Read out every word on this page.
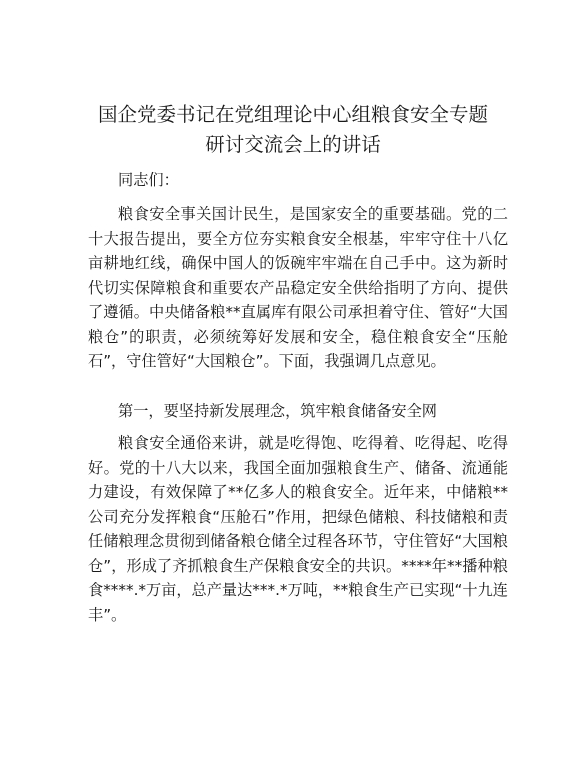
国企党委书记在党组理论中心组粮食安全专题
研讨交流会上的讲话

同志们：

粮食安全事关国计民生，是国家安全的重要基础。党的二十大报告提出，要全方位夯实粮食安全根基，牢牢守住十八亿亩耕地红线，确保中国人的饭碗牢牢端在自己手中。这为新时代切实保障粮食和重要农产品稳定安全供给指明了方向、提供了遵循。中央储备粮**直属库有限公司承担着守住、管好“大国粮仓”的职责，必须统筹好发展和安全，稳住粮食安全“压舱石”，守住管好“大国粮仓”。下面，我强调几点意见。

第一，要坚持新发展理念，筑牢粮食储备安全网

粮食安全通俗来讲，就是吃得饱、吃得着、吃得起、吃得好。党的十八大以来，我国全面加强粮食生产、储备、流通能力建设，有效保障了**亿多人的粮食安全。近年来，中储粮**公司充分发挥粮食“压舱石”作用，把绿色储粮、科技储粮和责任储粮理念贯彻到储备粮仓储全过程各环节，守住管好“大国粮仓”，形成了齐抓粮食生产保粮食安全的共识。****年**播种粮食****.*万亩，总产量达***.*万吨，**粮食生产已实现“十九连丰”。
